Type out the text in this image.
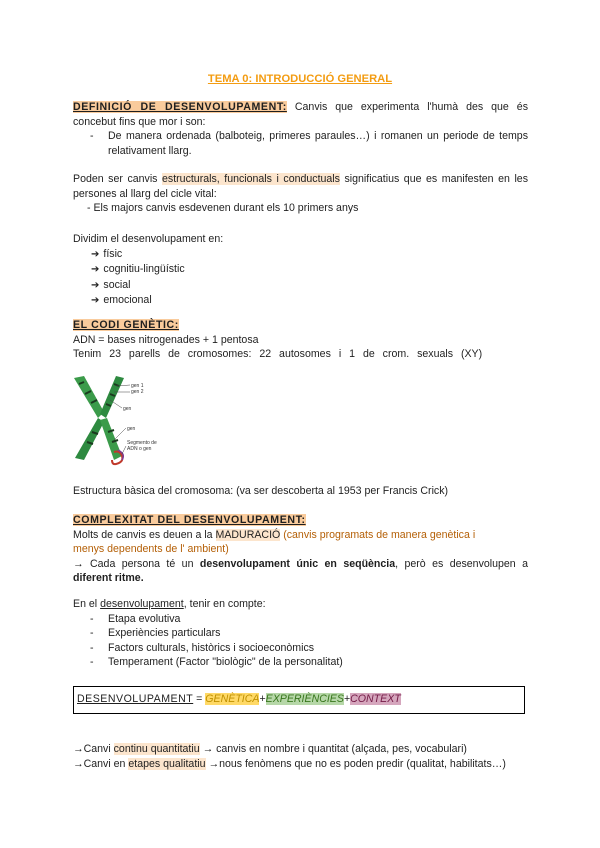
TEMA 0: INTRODUCCIÓ GENERAL
DEFINICIÓ DE DESENVOLUPAMENT: Canvis que experimenta l'humà des que és concebut fins que mor i son:
- De manera ordenada (balboteig, primeres paraules…) i romanen un periode de temps relativament llarg.
Poden ser canvis estructurals, funcionals i conductuals significatius que es manifesten en les persones al llarg del cicle vital:
- Els majors canvis esdevenen durant els 10 primers anys
Dividim el desenvolupament en:
➔ físic
➔ cognitiu-lingüístic
➔ social
➔ emocional
EL CODI GENÈTIC:
ADN = bases nitrogenades + 1 pentosa
Tenim 23 parells de cromosomes: 22 autosomes i 1 de crom. sexuals (XY)
gen 1
gen 2
gen
gen
Segmento de
ADN o gen
Estructura bàsica del cromosoma: (va ser descoberta al 1953 per Francis Crick)
COMPLEXITAT DEL DESENVOLUPAMENT:
Molts de canvis es deuen a la MADURACIÓ (canvis programats de manera genètica i menys dependents de l' ambient)
→ Cada persona té un desenvolupament únic en seqüència, però es desenvolupen a diferent ritme.
En el desenvolupament, tenir en compte:
- Etapa evolutiva
- Experiències particulars
- Factors culturals, històrics i socioeconòmics
- Temperament (Factor "biològic" de la personalitat)
DESENVOLUPAMENT = GENÈTICA+EXPERIÈNCIES+CONTEXT
→Canvi continu quantitatiu → canvis en nombre i quantitat (alçada, pes, vocabulari)
→Canvi en etapes qualitatiu →nous fenòmens que no es poden predir (qualitat, habilitats…)
